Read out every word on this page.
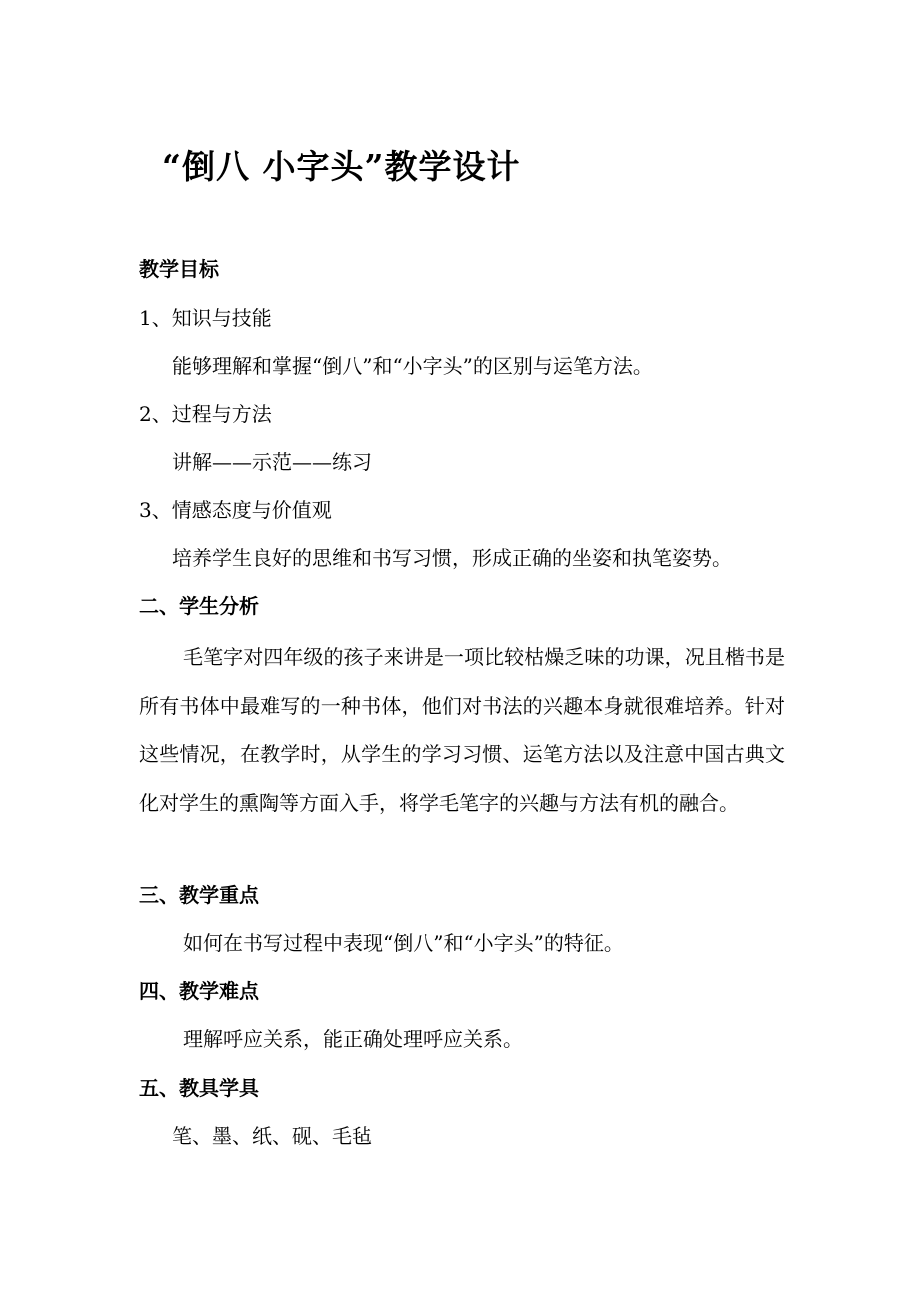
“倒八 小字头”教学设计
教学目标
1、知识与技能
能够理解和掌握“倒八”和“小字头”的区别与运笔方法。
2、过程与方法
讲解——示范——练习
3、情感态度与价值观
培养学生良好的思维和书写习惯，形成正确的坐姿和执笔姿势。
二、学生分析
毛笔字对四年级的孩子来讲是一项比较枯燥乏味的功课，况且楷书是所有书体中最难写的一种书体，他们对书法的兴趣本身就很难培养。针对这些情况，在教学时，从学生的学习习惯、运笔方法以及注意中国古典文化对学生的熏陶等方面入手，将学毛笔字的兴趣与方法有机的融合。
三、教学重点
如何在书写过程中表现“倒八”和“小字头”的特征。
四、教学难点
理解呼应关系，能正确处理呼应关系。
五、教具学具
笔、墨、纸、砚、毛毡
